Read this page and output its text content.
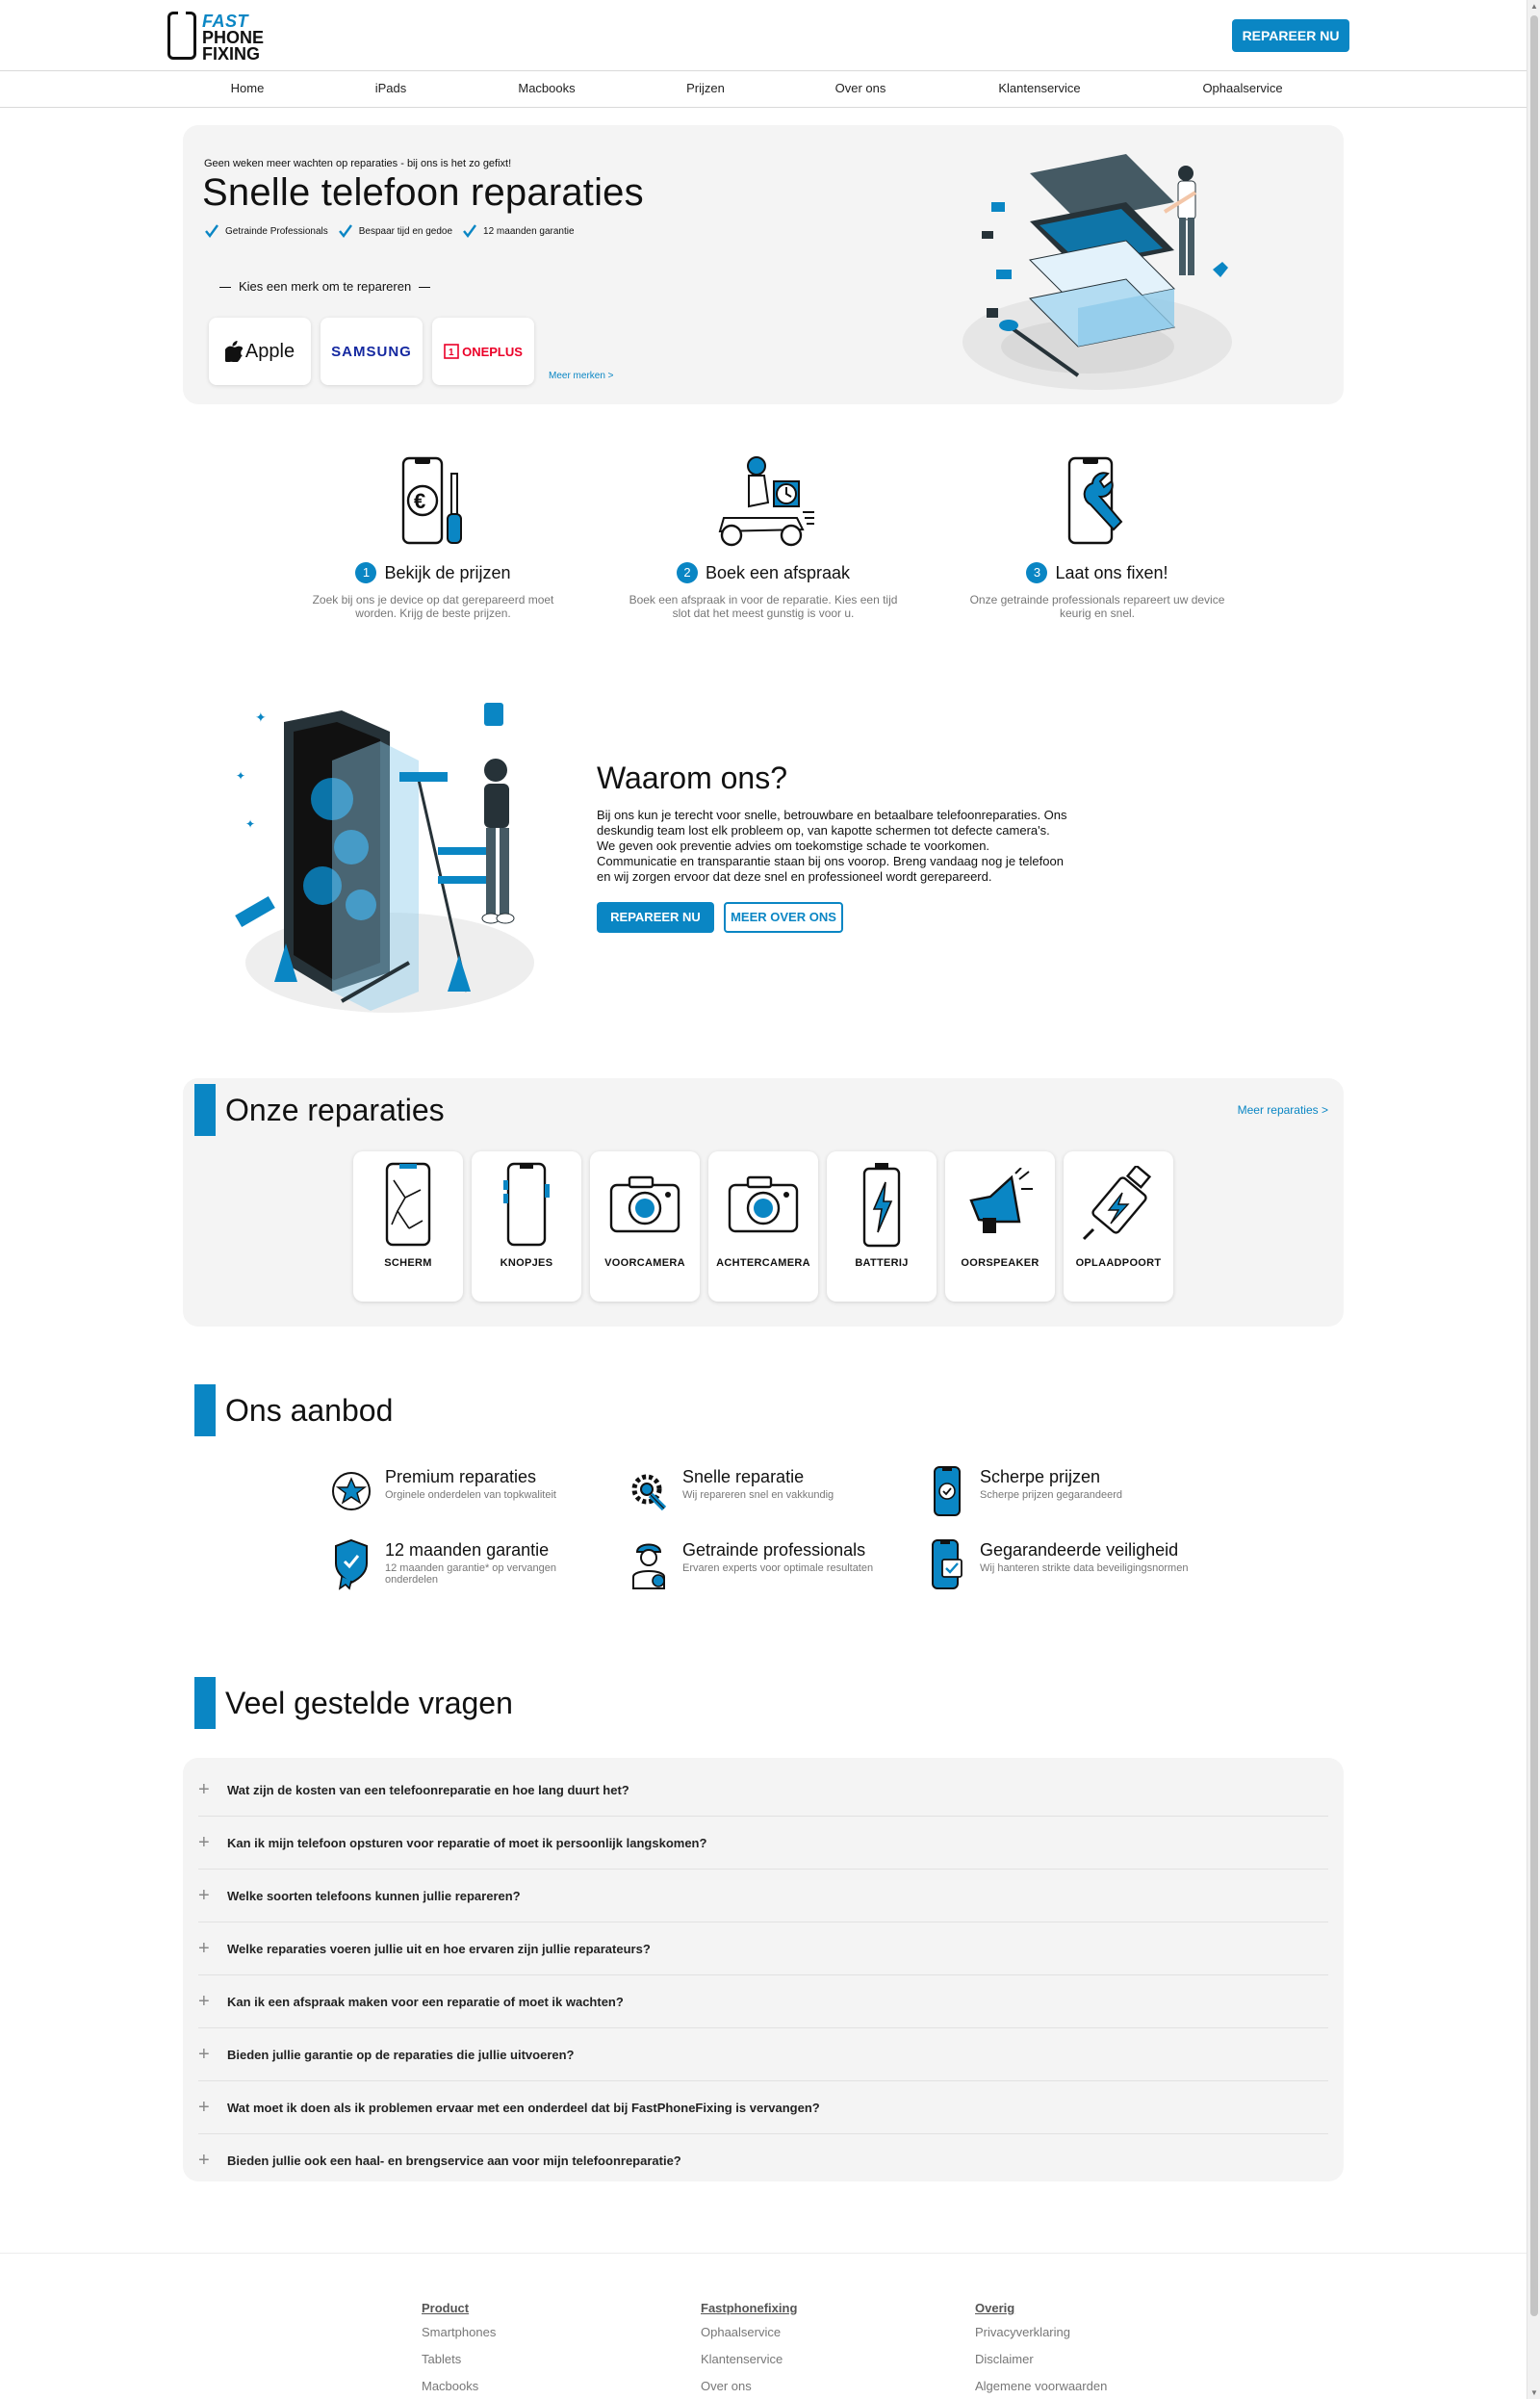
FAST
PHONE
FIXING
REPAREER NU
Home	iPads	Macbooks	Prijzen	Over ons	Klantenservice	Ophaalservice
Geen weken meer wachten op reparaties - bij ons is het zo gefixt!
Snelle telefoon reparaties
Getrainde Professionals	Bespaar tijd en gedoe	12 maanden garantie
Kies een merk om te repareren
Apple	SAMSUNG	1 ONEPLUS
Meer merken >
€
1 Bekijk de prijzen

Zoek bij ons je device op dat gerepareerd moet worden. Krijg de beste prijzen.

2 Boek een afspraak

Boek een afspraak in voor de reparatie. Kies een tijd slot dat het meest gunstig is voor u.

3 Laat ons fixen!

Onze getrainde professionals repareert uw device keurig en snel.

✦
✦
✦
Waarom ons?

Bij ons kun je terecht voor snelle, betrouwbare en betaalbare telefoonreparaties. Ons deskundig team lost elk probleem op, van kapotte schermen tot defecte camera's. We geven ook preventie advies om toekomstige schade te voorkomen. Communicatie en transparantie staan bij ons voorop. Breng vandaag nog je telefoon en wij zorgen ervoor dat deze snel en professioneel wordt gerepareerd.

REPAREER NU	MEER OVER ONS
Onze reparaties	Meer reparaties >
SCHERM	KNOPJES	VOORCAMERA	ACHTERCAMERA	BATTERIJ	OORSPEAKER	OPLAADPOORT
Ons aanbod
Premium reparaties
Orginele onderdelen van topkwaliteit
Snelle reparatie
Wij repareren snel en vakkundig
Scherpe prijzen
Scherpe prijzen gegarandeerd
12 maanden garantie
12 maanden garantie* op vervangen onderdelen
Getrainde professionals
Ervaren experts voor optimale resultaten
Gegarandeerde veiligheid
Wij hanteren strikte data beveiligingsnormen
Veel gestelde vragen
+	Wat zijn de kosten van een telefoonreparatie en hoe lang duurt het?
+	Kan ik mijn telefoon opsturen voor reparatie of moet ik persoonlijk langskomen?
+	Welke soorten telefoons kunnen jullie repareren?
+	Welke reparaties voeren jullie uit en hoe ervaren zijn jullie reparateurs?
+	Kan ik een afspraak maken voor een reparatie of moet ik wachten?
+	Bieden jullie garantie op de reparaties die jullie uitvoeren?
+	Wat moet ik doen als ik problemen ervaar met een onderdeel dat bij FastPhoneFixing is vervangen?
+	Bieden jullie ook een haal- en brengservice aan voor mijn telefoonreparatie?
Product
Smartphones
Tablets
Macbooks
Fastphonefixing
Ophaalservice
Klantenservice
Over ons
Overig
Privacyverklaring
Disclaimer
Algemene voorwaarden
▲
▼
